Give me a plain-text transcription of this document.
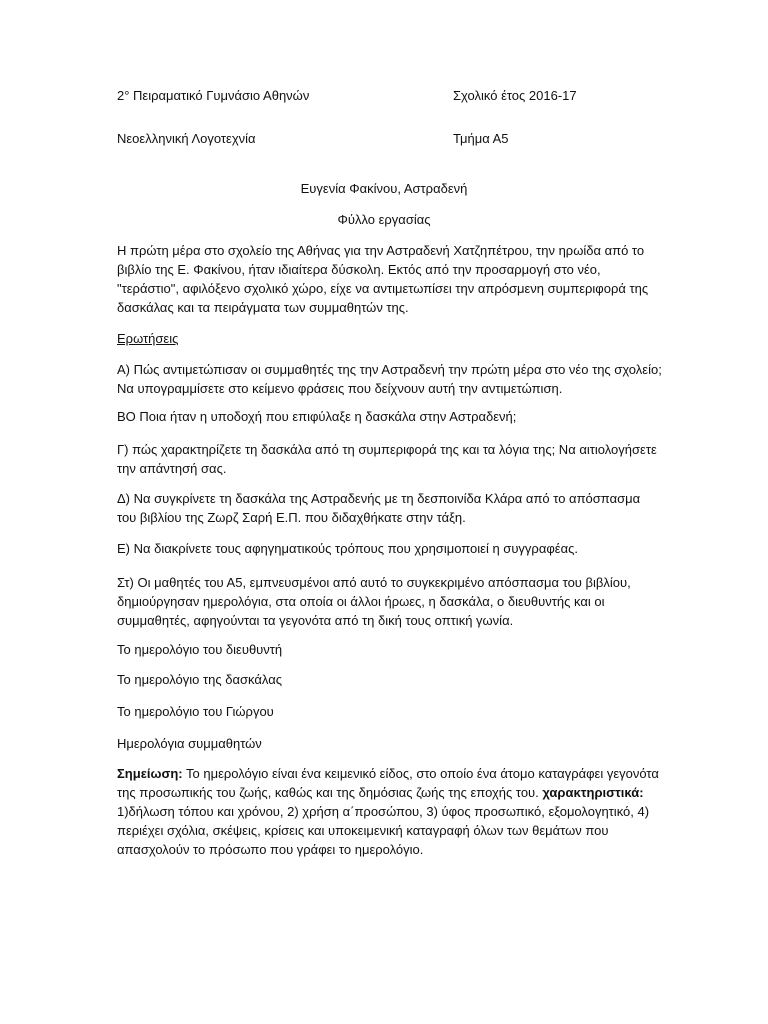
2° Πειραματικό Γυμνάσιο Αθηνών	Σχολικό έτος 2016-17
Νεοελληνική Λογοτεχνία	Τμήμα Α5
Ευγενία Φακίνου, Αστραδενή
Φύλλο εργασίας

Η πρώτη μέρα στο σχολείο της Αθήνας για την Αστραδενή Χατζηπέτρου, την ηρωίδα από το βιβλίο της Ε. Φακίνου, ήταν ιδιαίτερα δύσκολη. Εκτός από την προσαρμογή στο νέο, "τεράστιο", αφιλόξενο σχολικό χώρο, είχε να αντιμετωπίσει την απρόσμενη συμπεριφορά της δασκάλας και τα πειράγματα των συμμαθητών της.

Ερωτήσεις

Α) Πώς αντιμετώπισαν οι συμμαθητές της την Αστραδενή την πρώτη μέρα στο νέο της σχολείο; Να υπογραμμίσετε στο κείμενο φράσεις που δείχνουν αυτή την αντιμετώπιση.

ΒΟ Ποια ήταν η υποδοχή που επιφύλαξε η δασκάλα στην Αστραδενή;

Γ) πώς χαρακτηρίζετε τη δασκάλα από τη συμπεριφορά της και τα λόγια της; Να αιτιολογήσετε την απάντησή σας.

Δ) Να συγκρίνετε τη δασκάλα της Αστραδενής με τη δεσποινίδα Κλάρα από το απόσπασμα του βιβλίου της Ζωρζ Σαρή Ε.Π. που διδαχθήκατε στην τάξη.

Ε) Να διακρίνετε τους αφηγηματικούς τρόπους που χρησιμοποιεί η συγγραφέας.

Στ) Οι μαθητές του Α5, εμπνευσμένοι από αυτό το συγκεκριμένο απόσπασμα του βιβλίου, δημιούργησαν ημερολόγια, στα οποία οι άλλοι ήρωες, η δασκάλα, ο διευθυντής και οι συμμαθητές, αφηγούνται τα γεγονότα από τη δική τους οπτική γωνία.

Το ημερολόγιο του διευθυντή
Το ημερολόγιο της δασκάλας
Το ημερολόγιο του Γιώργου
Ημερολόγια συμμαθητών

Σημείωση: Το ημερολόγιο είναι ένα κειμενικό είδος, στο οποίο ένα άτομο καταγράφει γεγονότα της προσωπικής του ζωής, καθώς και της δημόσιας ζωής της εποχής του. χαρακτηριστικά: 1)δήλωση τόπου και χρόνου, 2) χρήση α΄προσώπου, 3) ύφος προσωπικό, εξομολογητικό, 4) περιέχει σχόλια, σκέψεις, κρίσεις και υποκειμενική καταγραφή όλων των θεμάτων που απασχολούν το πρόσωπο που γράφει το ημερολόγιο.
